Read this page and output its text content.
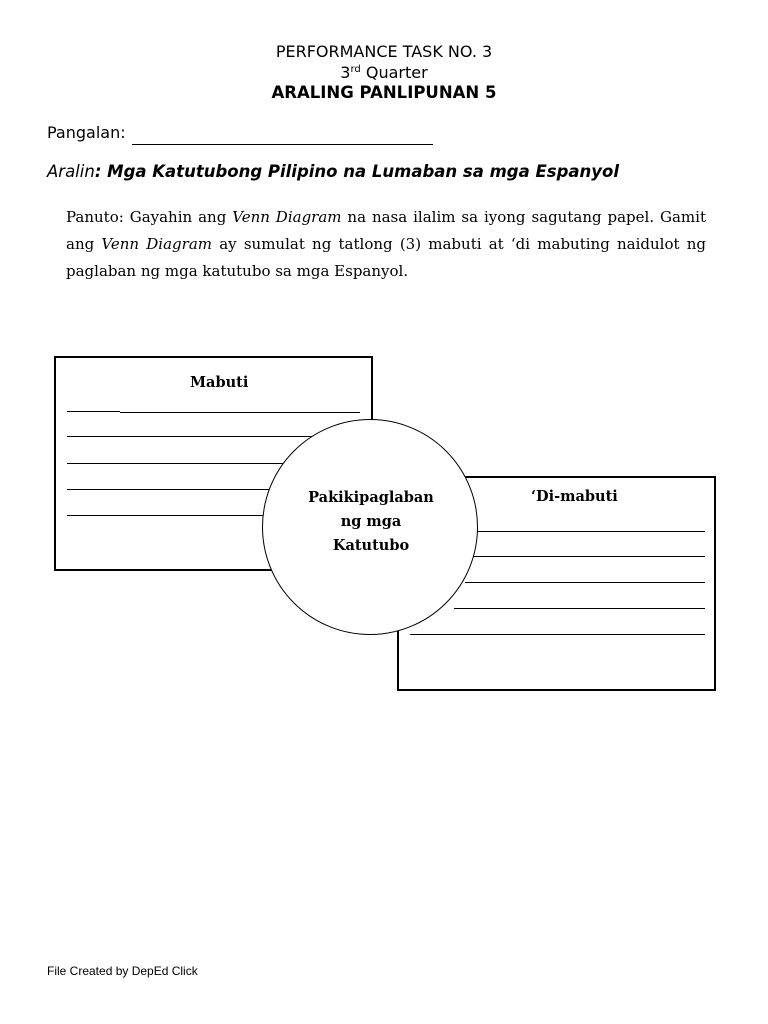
PERFORMANCE TASK NO. 3
3rd Quarter
ARALING PANLIPUNAN 5
Pangalan:
Aralin: Mga Katutubong Pilipino na Lumaban sa mga Espanyol
Panuto: Gayahin ang Venn Diagram na nasa ilalim sa iyong sagutang papel. Gamit ang Venn Diagram ay sumulat ng tatlong (3) mabuti at ‘di mabuting naidulot ng paglaban ng mga katutubo sa mga Espanyol.
Mabuti
‘Di-mabuti
Pakikipaglaban
ng mga
Katutubo
File Created by DepEd Click
